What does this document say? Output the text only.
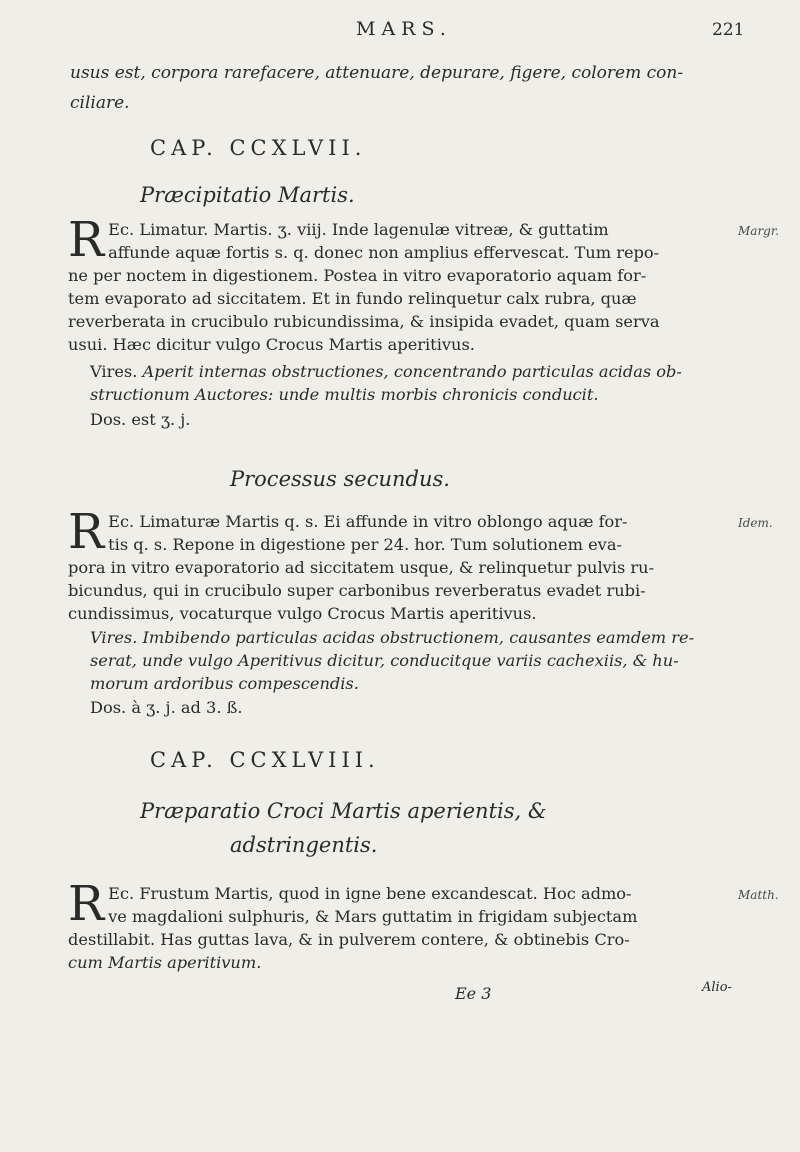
MARS.	221
usus est, corpora rarefacere, attenuare, depurare, figere, colorem con-
ciliare.
CAP. CCXLVII.
Præcipitatio Martis.
R Ec. Limatur. Martis. ʒ. viij. Inde lagenulæ vitreæ, & guttatim
affunde aquæ fortis s. q. donec non amplius effervescat. Tum repo-
ne per noctem in digestionem. Postea in vitro evaporatorio aquam for-
tem evaporato ad siccitatem. Et in fundo relinquetur calx rubra, quæ
reverberata in crucibulo rubicundissima, & insipida evadet, quam serva
usui. Hæc dicitur vulgo Crocus Martis aperitivus.
Margr.
Vires. Aperit internas obstructiones, concentrando particulas acidas ob-
structionum Auctores: unde multis morbis chronicis conducit.
Dos. est ʒ. j.
Processus secundus.
R Ec. Limaturæ Martis q. s. Ei affunde in vitro oblongo aquæ for-
tis q. s. Repone in digestione per 24. hor. Tum solutionem eva-
pora in vitro evaporatorio ad siccitatem usque, & relinquetur pulvis ru-
bicundus, qui in crucibulo super carbonibus reverberatus evadet rubi-
cundissimus, vocaturque vulgo Crocus Martis aperitivus.
Idem.
Vires. Imbibendo particulas acidas obstructionem, causantes eamdem re-
serat, unde vulgo Aperitivus dicitur, conducitque variis cachexiis, & hu-
morum ardoribus compescendis.
Dos. à ʒ. j. ad 3. ß.
CAP. CCXLVIII.
Præparatio Croci Martis aperientis, &
adstringentis.
R Ec. Frustum Martis, quod in igne bene excandescat. Hoc admo-
ve magdalioni sulphuris, & Mars guttatim in frigidam subjectam
destillabit. Has guttas lava, & in pulverem contere, & obtinebis Cro-
cum Martis aperitivum.
Matth.
Ee 3	Alio-
